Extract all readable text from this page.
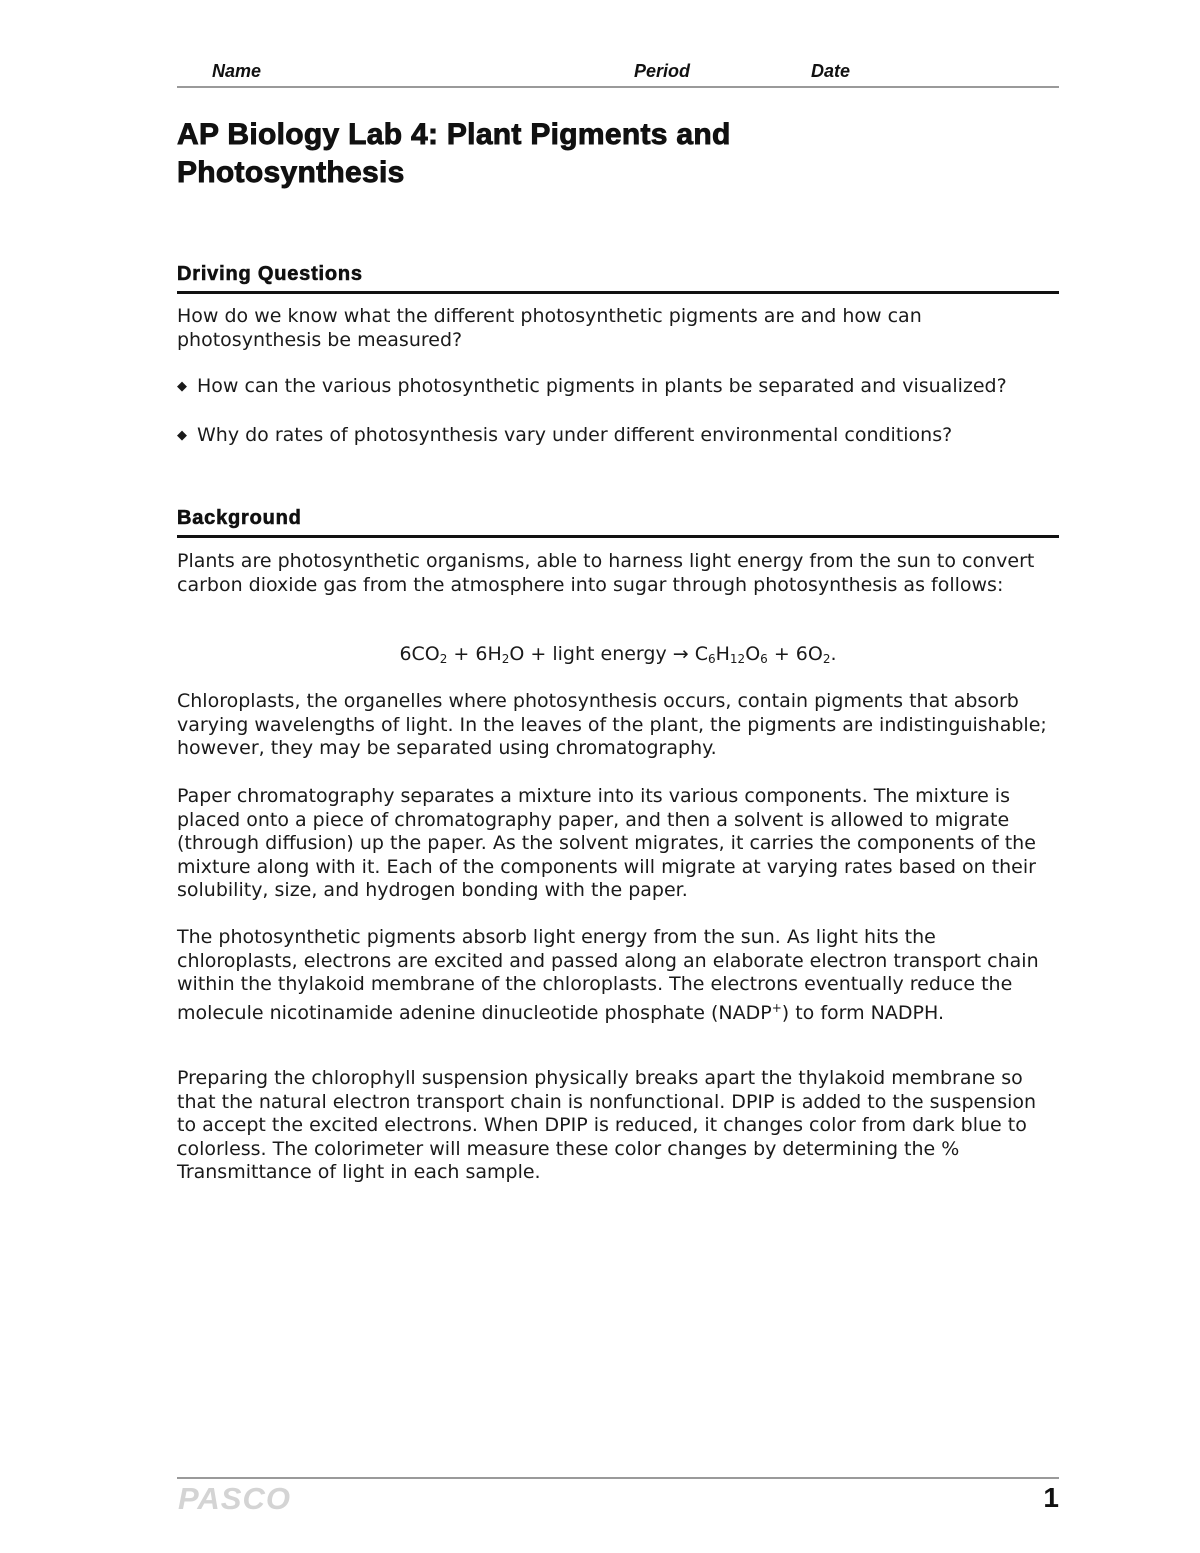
Name	Period	Date
AP Biology Lab 4: Plant Pigments and
Photosynthesis
Driving Questions

How do we know what the different photosynthetic pigments are and how can photosynthesis be measured?

◆ How can the various photosynthetic pigments in plants be separated and visualized?
◆ Why do rates of photosynthesis vary under different environmental conditions?
Background

Plants are photosynthetic organisms, able to harness light energy from the sun to convert carbon dioxide gas from the atmosphere into sugar through photosynthesis as follows:

$6CO_2 + 6H_2O$ + light energy → $C_6H_{12}O_6 + 6O_2$.

Chloroplasts, the organelles where photosynthesis occurs, contain pigments that absorb varying wavelengths of light. In the leaves of the plant, the pigments are indistinguishable; however, they may be separated using chromatography.

Paper chromatography separates a mixture into its various components. The mixture is placed onto a piece of chromatography paper, and then a solvent is allowed to migrate (through diffusion) up the paper. As the solvent migrates, it carries the components of the mixture along with it. Each of the components will migrate at varying rates based on their solubility, size, and hydrogen bonding with the paper.

The photosynthetic pigments absorb light energy from the sun. As light hits the chloroplasts, electrons are excited and passed along an elaborate electron transport chain within the thylakoid membrane of the chloroplasts. The electrons eventually reduce the molecule nicotinamide adenine dinucleotide phosphate (NADP+) to form NADPH.

Preparing the chlorophyll suspension physically breaks apart the thylakoid membrane so that the natural electron transport chain is nonfunctional. DPIP is added to the suspension to accept the excited electrons. When DPIP is reduced, it changes color from dark blue to colorless. The colorimeter will measure these color changes by determining the % Transmittance of light in each sample.

PASCO	1
